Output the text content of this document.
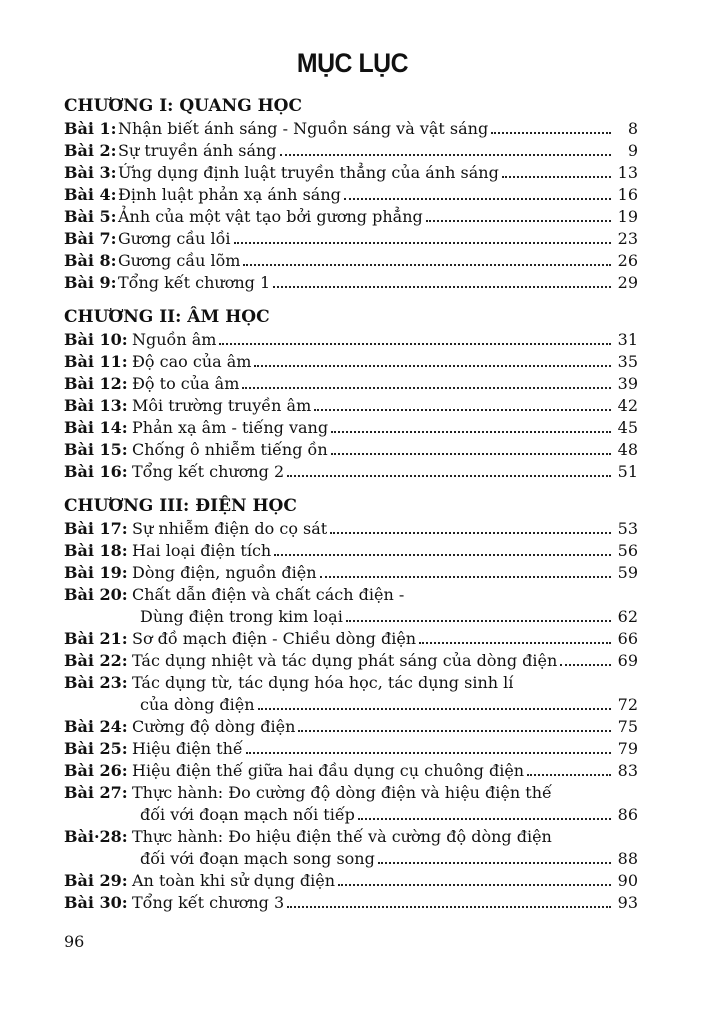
MỤC LỤC
CHƯƠNG I: QUANG HỌC
Bài 1: Nhận biết ánh sáng - Nguồn sáng và vật sáng	8
Bài 2: Sự truyền ánh sáng	9
Bài 3: Ứng dụng định luật truyền thẳng của ánh sáng	13
Bài 4: Định luật phản xạ ánh sáng	16
Bài 5: Ảnh của một vật tạo bởi gương phẳng	19
Bài 7: Gương cầu lồi	23
Bài 8: Gương cầu lõm	26
Bài 9: Tổng kết chương 1	29
CHƯƠNG II: ÂM HỌC
Bài 10: Nguồn âm	31
Bài 11: Độ cao của âm	35
Bài 12: Độ to của âm	39
Bài 13: Môi trường truyền âm	42
Bài 14: Phản xạ âm - tiếng vang	45
Bài 15: Chống ô nhiễm tiếng ồn	48
Bài 16: Tổng kết chương 2	51
CHƯƠNG III: ĐIỆN HỌC
Bài 17: Sự nhiễm điện do cọ sát	53
Bài 18: Hai loại điện tích	56
Bài 19: Dòng điện, nguồn điện	59
Bài 20: Chất dẫn điện và chất cách điện -
Dùng điện trong kim loại	62
Bài 21: Sơ đồ mạch điện - Chiều dòng điện	66
Bài 22: Tác dụng nhiệt và tác dụng phát sáng của dòng điện	69
Bài 23: Tác dụng từ, tác dụng hóa học, tác dụng sinh lí
của dòng điện	72
Bài 24: Cường độ dòng điện	75
Bài 25: Hiệu điện thế	79
Bài 26: Hiệu điện thế giữa hai đầu dụng cụ chuông điện	83
Bài 27: Thực hành: Đo cường độ dòng điện và hiệu điện thế
đối với đoạn mạch nối tiếp	86
Bài·28: Thực hành: Đo hiệu điện thế và cường độ dòng điện
đối với đoạn mạch song song	88
Bài 29: An toàn khi sử dụng điện	90
Bài 30: Tổng kết chương 3	93
96
